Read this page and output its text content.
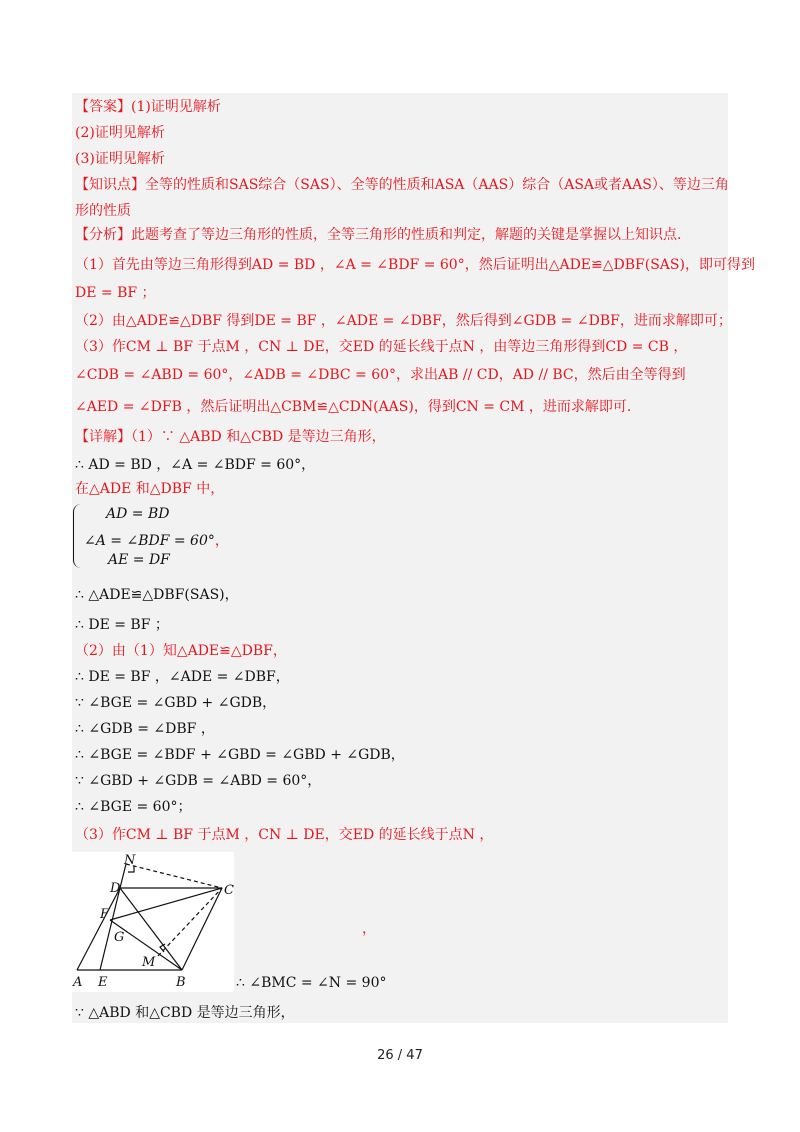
【答案】(1)证明见解析
(2)证明见解析
(3)证明见解析
【知识点】全等的性质和SAS综合（SAS）、全等的性质和ASA（AAS）综合（ASA或者AAS）、等边三角
形的性质
【分析】此题考查了等边三角形的性质，全等三角形的性质和判定，解题的关键是掌握以上知识点.
（1）首先由等边三角形得到AD = BD ，∠A = ∠BDF = 60°，然后证明出△ADE≌△DBF(SAS)，即可得到
DE = BF ；
（2）由△ADE≌△DBF 得到DE = BF ，∠ADE = ∠DBF，然后得到∠GDB = ∠DBF，进而求解即可；
（3）作CM ⊥ BF 于点M ，CN ⊥ DE，交ED 的延长线于点N ，由等边三角形得到CD = CB ，
∠CDB = ∠ABD = 60°，∠ADB = ∠DBC = 60°，求出AB // CD，AD // BC，然后由全等得到
∠AED = ∠DFB ，然后证明出△CBM≌△CDN(AAS)，得到CN = CM ，进而求解即可.
【详解】（1）∵ △ABD 和△CBD 是等边三角形，
∴ AD = BD ，∠A = ∠BDF = 60°，
在△ADE 和△DBF 中，
∴ △ADE≌△DBF(SAS)，
∴ DE = BF ；
（2）由（1）知△ADE≌△DBF，
∴ DE = BF ，∠ADE = ∠DBF，
∵ ∠BGE = ∠GBD + ∠GDB，
∴ ∠GDB = ∠DBF ，
∴ ∠BGE = ∠BDF + ∠GBD = ∠GBD + ∠GDB，
∵ ∠GBD + ∠GDB = ∠ABD = 60°，
∴ ∠BGE = 60°；
（3）作CM ⊥ BF 于点M ，CN ⊥ DE，交ED 的延长线于点N ，
∵ △ABD 和△CBD 是等边三角形，
AD = BD
∠A = ∠BDF = 60°，
AE = DF
N
D	C
F
G
M
A E	B	∴ ∠BMC = ∠N = 90°
，
26 / 47
